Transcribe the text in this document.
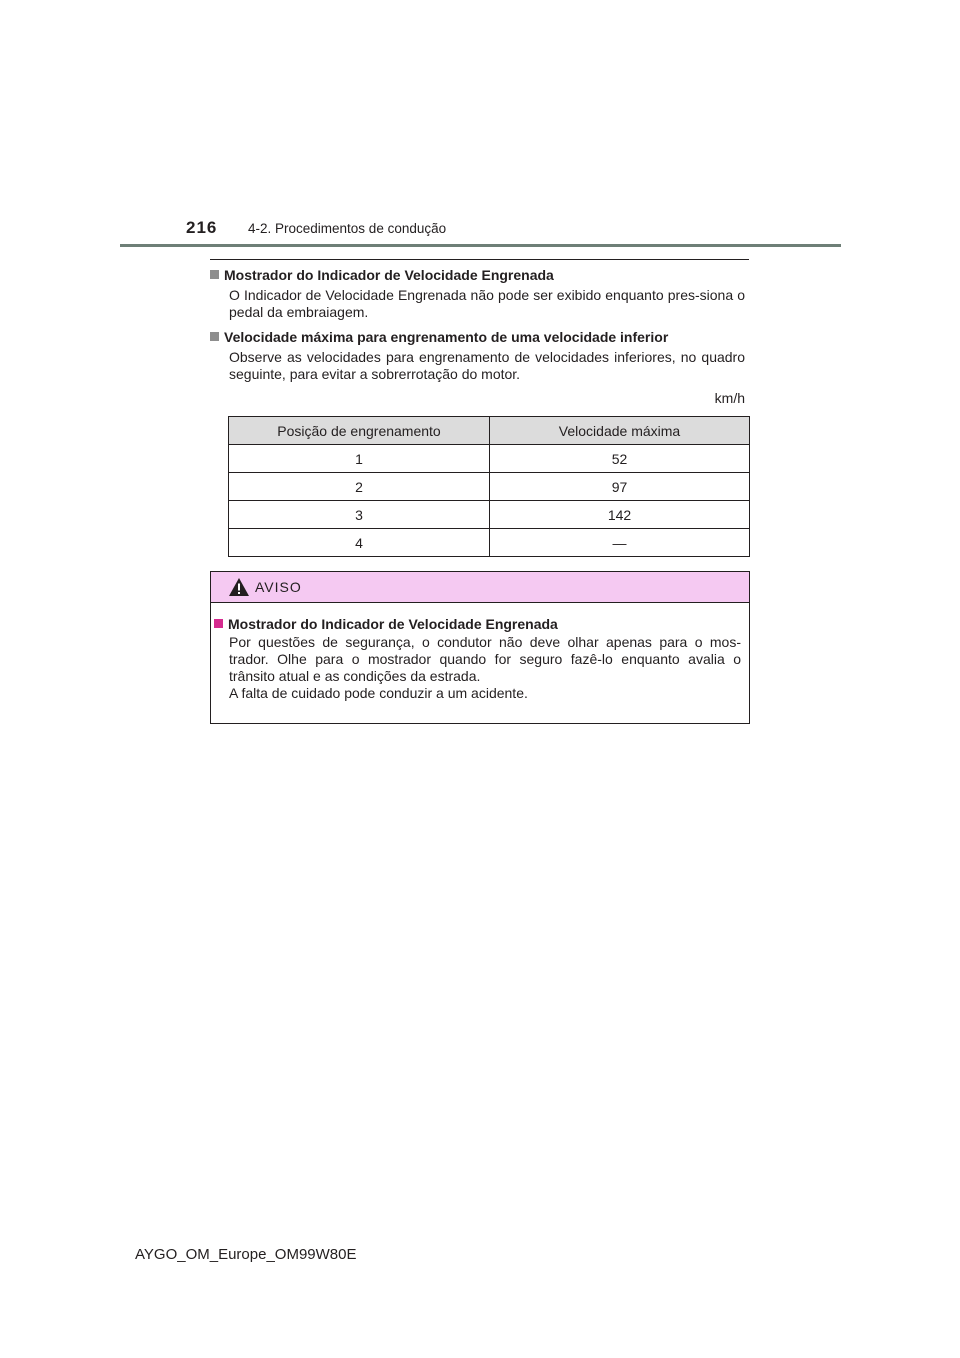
216 4-2. Procedimentos de condução
Mostrador do Indicador de Velocidade Engrenada
O Indicador de Velocidade Engrenada não pode ser exibido enquanto pres-siona o pedal da embraiagem.
Velocidade máxima para engrenamento de uma velocidade inferior
Observe as velocidades para engrenamento de velocidades inferiores, no quadro seguinte, para evitar a sobrerrotação do motor.
km/h
Posição de engrenamento	Velocidade máxima
1	52
2	97
3	142
4	—
AVISO
Mostrador do Indicador de Velocidade Engrenada
Por questões de segurança, o condutor não deve olhar apenas para o mos-
trador. Olhe para o mostrador quando for seguro fazê-lo enquanto avalia o
trânsito atual e as condições da estrada.
A falta de cuidado pode conduzir a um acidente.
AYGO_OM_Europe_OM99W80E
